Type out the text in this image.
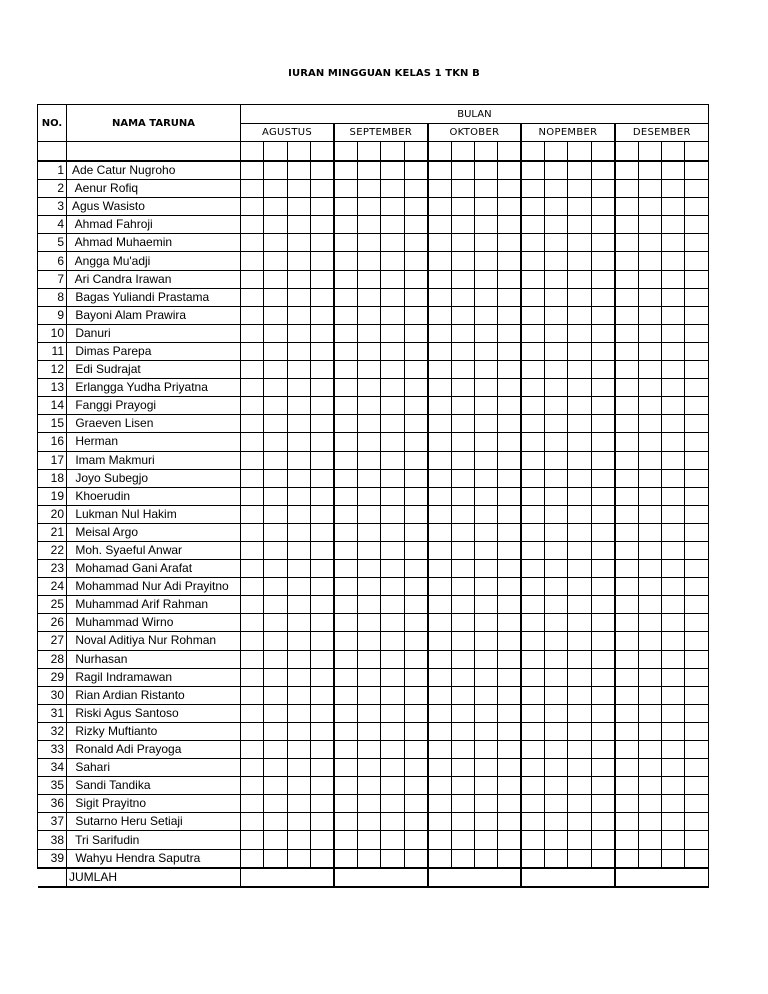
IURAN MINGGUAN KELAS 1 TKN B
NO.	NAMA TARUNA	BULAN																			
		AGUSTUS				SEPTEMBER				OKTOBER				NOPEMBER				DESEMBER			

1	Ade Catur Nugroho																				
2	Aenur Rofiq																				
3	Agus Wasisto																				
4	Ahmad Fahroji																				
5	Ahmad Muhaemin																				
6	Angga Mu'adji																				
7	Ari Candra Irawan																				
8	Bagas Yuliandi Prastama																				
9	Bayoni Alam Prawira																				
10	Danuri																				
11	Dimas Parepa																				
12	Edi Sudrajat																				
13	Erlangga Yudha Priyatna																				
14	Fanggi Prayogi																				
15	Graeven Lisen																				
16	Herman																				
17	Imam Makmuri																				
18	Joyo Subegjo																				
19	Khoerudin																				
20	Lukman Nul Hakim																				
21	Meisal Argo																				
22	Moh. Syaeful Anwar																				
23	Mohamad Gani Arafat																				
24	Mohammad Nur Adi Prayitno																				
25	Muhammad Arif Rahman																				
26	Muhammad Wirno																				
27	Noval Aditiya Nur Rohman																				
28	Nurhasan																				
29	Ragil Indramawan																				
30	Rian Ardian Ristanto																				
31	Riski Agus Santoso																				
32	Rizky Muftianto																				
33	Ronald Adi Prayoga																				
34	Sahari																				
35	Sandi Tandika																				
36	Sigit Prayitno																				
37	Sutarno Heru Setiaji																				
38	Tri Sarifudin																				
39	Wahyu Hendra Saputra																				
	JUMLAH																				
